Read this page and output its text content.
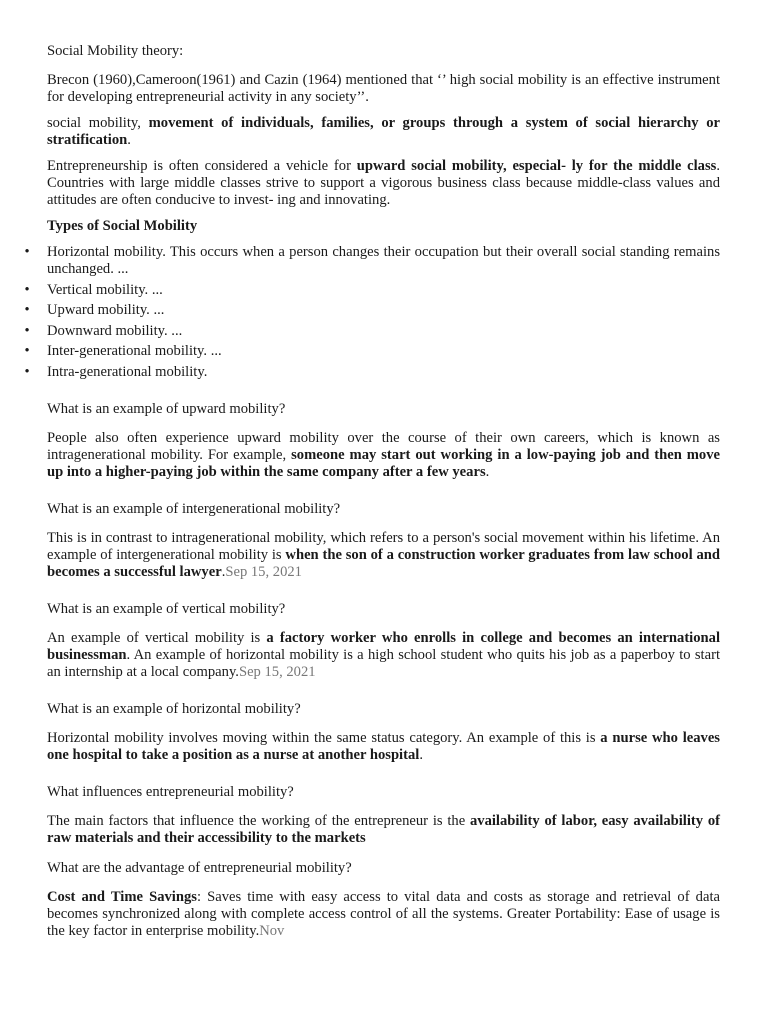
Social Mobility theory:

Brecon (1960),Cameroon(1961) and Cazin (1964) mentioned that ‘’ high social mobility is an effective instrument for developing entrepreneurial activity in any society’’.

social mobility, movement of individuals, families, or groups through a system of social hierarchy or stratification.

Entrepreneurship is often considered a vehicle for upward social mobility, especial- ly for the middle class. Countries with large middle classes strive to support a vigorous business class because middle-class values and attitudes are often conducive to invest- ing and innovating.

Types of Social Mobility

• Horizontal mobility. This occurs when a person changes their occupation but their overall social standing remains unchanged. ...
• Vertical mobility. ...
• Upward mobility. ...
• Downward mobility. ...
• Inter-generational mobility. ...
• Intra-generational mobility.

What is an example of upward mobility?

People also often experience upward mobility over the course of their own careers, which is known as intragenerational mobility. For example, someone may start out working in a low-paying job and then move up into a higher-paying job within the same company after a few years.

What is an example of intergenerational mobility?

This is in contrast to intragenerational mobility, which refers to a person's social movement within his lifetime. An example of intergenerational mobility is when the son of a construction worker graduates from law school and becomes a successful lawyer.Sep 15, 2021

What is an example of vertical mobility?

An example of vertical mobility is a factory worker who enrolls in college and becomes an international businessman. An example of horizontal mobility is a high school student who quits his job as a paperboy to start an internship at a local company.Sep 15, 2021

What is an example of horizontal mobility?

Horizontal mobility involves moving within the same status category. An example of this is a nurse who leaves one hospital to take a position as a nurse at another hospital.

What influences entrepreneurial mobility?

The main factors that influence the working of the entrepreneur is the availability of labor, easy availability of raw materials and their accessibility to the markets

What are the advantage of entrepreneurial mobility?

Cost and Time Savings: Saves time with easy access to vital data and costs as storage and retrieval of data becomes synchronized along with complete access control of all the systems. Greater Portability: Ease of usage is the key factor in enterprise mobility.Nov
